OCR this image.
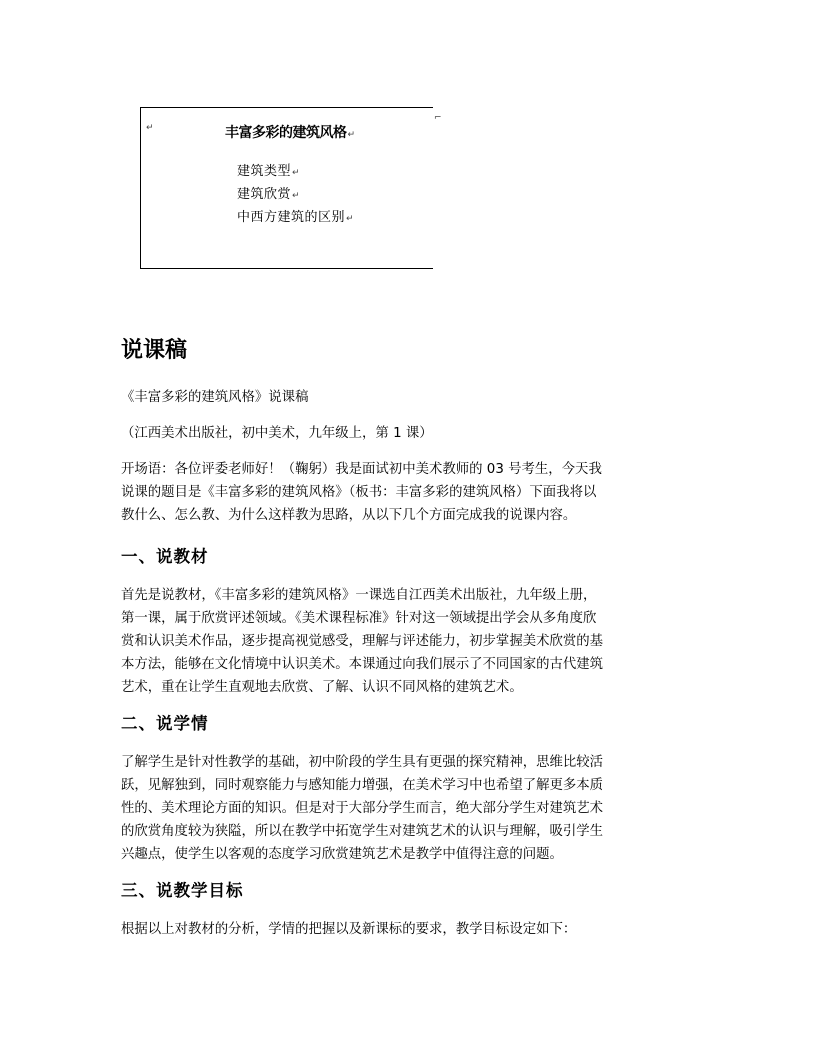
↵
⌐
丰富多彩的建筑风格↵
建筑类型↵
建筑欣赏↵
中西方建筑的区别↵
说课稿

《丰富多彩的建筑风格》说课稿

（江西美术出版社，初中美术，九年级上，第 1 课）

开场语：各位评委老师好！（鞠躬）我是面试初中美术教师的 03 号考生，今天我

说课的题目是《丰富多彩的建筑风格》（板书：丰富多彩的建筑风格）下面我将以

教什么、怎么教、为什么这样教为思路，从以下几个方面完成我的说课内容。

一、说教材

首先是说教材，《丰富多彩的建筑风格》一课选自江西美术出版社，九年级上册，

第一课，属于欣赏评述领域。《美术课程标准》针对这一领域提出学会从多角度欣

赏和认识美术作品，逐步提高视觉感受，理解与评述能力，初步掌握美术欣赏的基

本方法，能够在文化情境中认识美术。本课通过向我们展示了不同国家的古代建筑

艺术，重在让学生直观地去欣赏、了解、认识不同风格的建筑艺术。

二、说学情

了解学生是针对性教学的基础，初中阶段的学生具有更强的探究精神，思维比较活

跃，见解独到，同时观察能力与感知能力增强，在美术学习中也希望了解更多本质

性的、美术理论方面的知识。但是对于大部分学生而言，绝大部分学生对建筑艺术

的欣赏角度较为狭隘，所以在教学中拓宽学生对建筑艺术的认识与理解，吸引学生

兴趣点，使学生以客观的态度学习欣赏建筑艺术是教学中值得注意的问题。

三、说教学目标

根据以上对教材的分析，学情的把握以及新课标的要求，教学目标设定如下：
